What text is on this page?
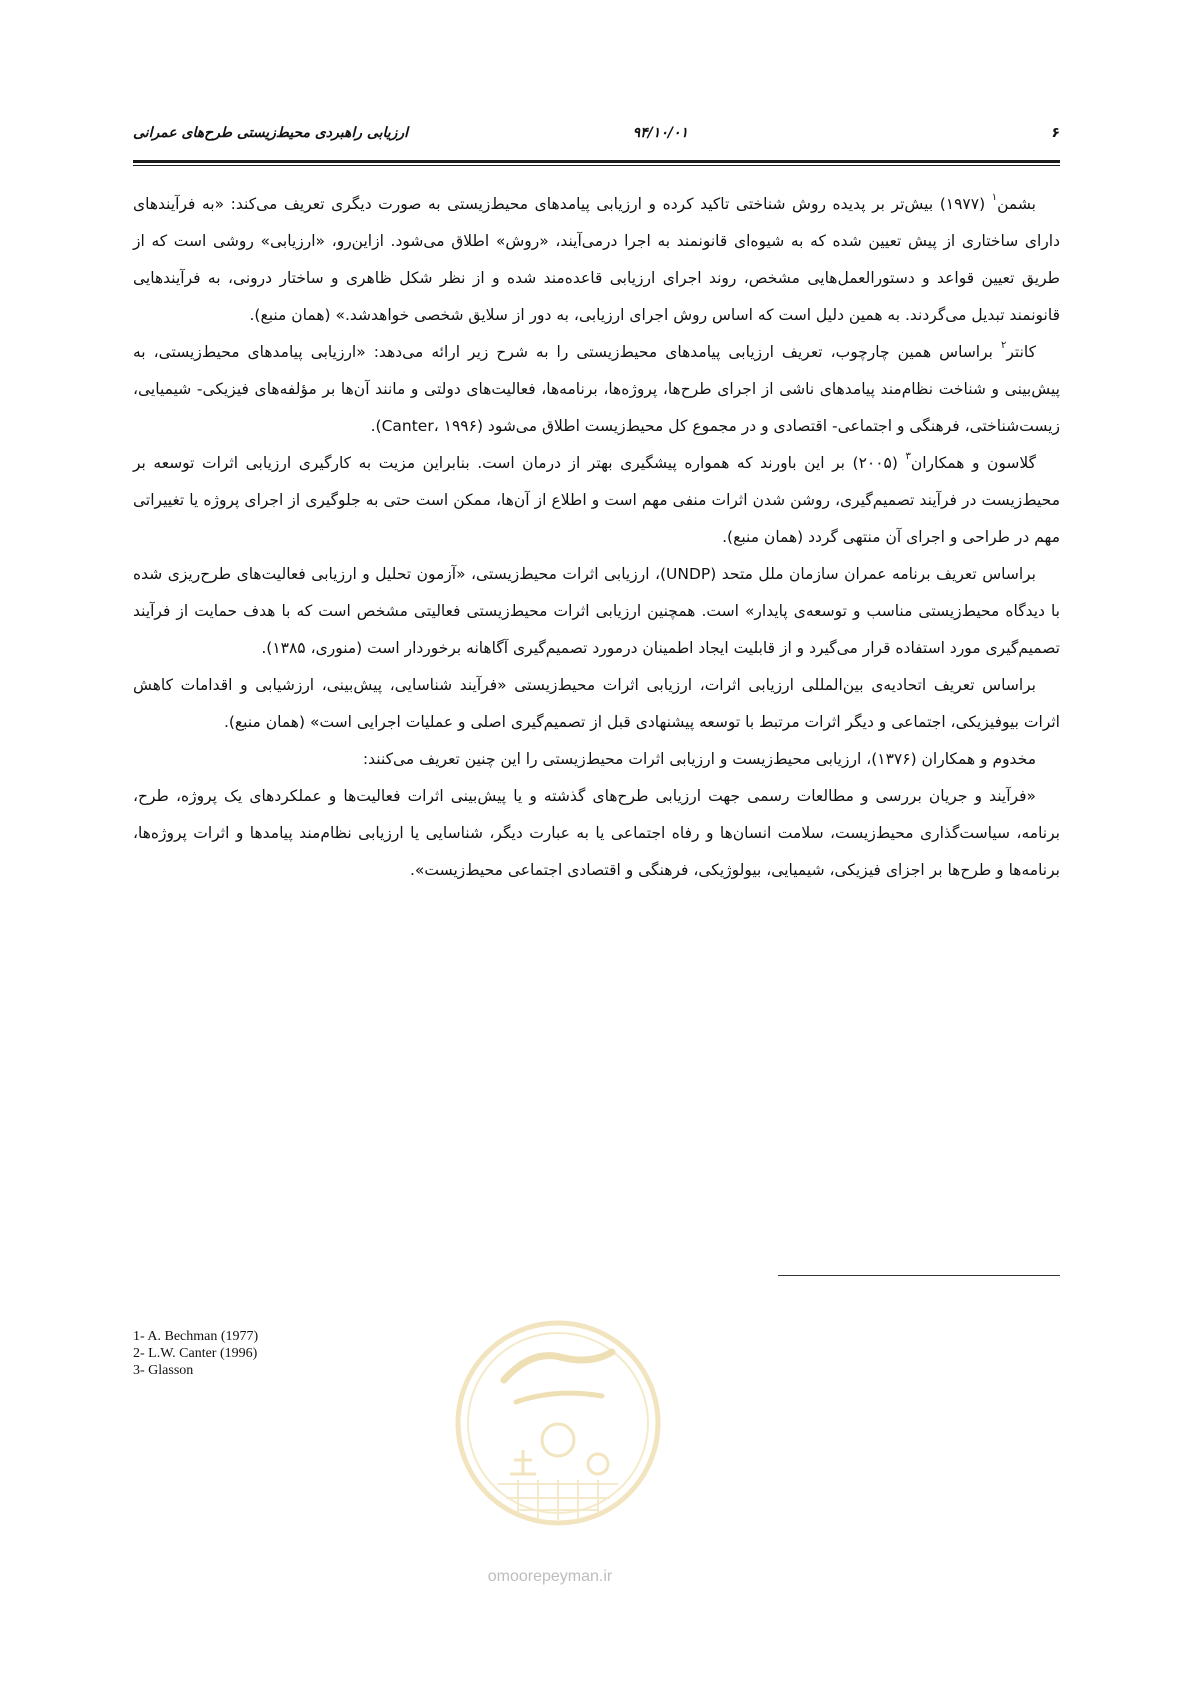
۶
۹۴/۱۰/۰۱
ارزیابی راهبردی محیط‌زیستی طرح‌های عمرانی

بشمن$^۱$ (۱۹۷۷) بیش‌تر بر پدیده روش شناختی تاکید کرده و ارزیابی پیامدهای محیط‌زیستی به صورت دیگری تعریف می‌کند: «به فرآیندهای دارای ساختاری از پیش تعیین شده که به شیوه‌ای قانونمند به اجرا درمی‌آیند، «روش» اطلاق می‌شود. ازاین‌رو، «ارزیابی» روشی است که از طریق تعیین قواعد و دستورالعمل‌هایی مشخص، روند اجرای ارزیابی قاعده‌مند شده و از نظر شکل ظاهری و ساختار درونی، به فرآیندهایی قانونمند تبدیل می‌گردند. به همین دلیل است که اساس روش اجرای ارزیابی، به دور از سلایق شخصی خواهدشد.» (همان منبع).

کانتر$^۲$ براساس همین چارچوب، تعریف ارزیابی پیامدهای محیط‌زیستی را به شرح زیر ارائه می‌دهد: «ارزیابی پیامدهای محیط‌زیستی، به پیش‌بینی و شناخت نظام‌مند پیامدهای ناشی از اجرای طرح‌ها، پروژه‌ها، برنامه‌ها، فعالیت‌های دولتی و مانند آن‌ها بر مؤلفه‌های فیزیکی- شیمیایی، زیست‌شناختی، فرهنگی و اجتماعی- اقتصادی و در مجموع کل محیط‌زیست اطلاق می‌شود (Canter، ۱۹۹۶).

گلاسون و همکاران$^۳$ (۲۰۰۵) بر این باورند که همواره پیشگیری بهتر از درمان است. بنابراین مزیت به کارگیری ارزیابی اثرات توسعه بر محیط‌زیست در فرآیند تصمیم‌گیری، روشن شدن اثرات منفی مهم است و اطلاع از آن‌ها، ممکن است حتی به جلوگیری از اجرای پروژه یا تغییراتی مهم در طراحی و اجرای آن منتهی گردد (همان منبع).

براساس تعریف برنامه عمران سازمان ملل متحد (UNDP)، ارزیابی اثرات محیط‌زیستی، «آزمون تحلیل و ارزیابی فعالیت‌های طرح‌ریزی شده با دیدگاه محیط‌زیستی مناسب و توسعه‌ی پایدار» است. همچنین ارزیابی اثرات محیط‌زیستی فعالیتی مشخص است که با هدف حمایت از فرآیند تصمیم‌گیری مورد استفاده قرار می‌گیرد و از قابلیت ایجاد اطمینان درمورد تصمیم‌گیری آگاهانه برخوردار است (منوری، ۱۳۸۵).

براساس تعریف اتحادیه‌ی بین‌المللی ارزیابی اثرات، ارزیابی اثرات محیط‌زیستی «فرآیند شناسایی، پیش‌بینی، ارزشیابی و اقدامات کاهش اثرات بیوفیزیکی، اجتماعی و دیگر اثرات مرتبط با توسعه پیشنهادی قبل از تصمیم‌گیری اصلی و عملیات اجرایی است» (همان منبع).

مخدوم و همکاران (۱۳۷۶)، ارزیابی محیط‌زیست و ارزیابی اثرات محیط‌زیستی را این چنین تعریف می‌کنند:

«فرآیند و جریان بررسی و مطالعات رسمی جهت ارزیابی طرح‌های گذشته و یا پیش‌بینی اثرات فعالیت‌ها و عملکردهای یک پروژه، طرح، برنامه، سیاست‌گذاری محیط‌زیست، سلامت انسان‌ها و رفاه اجتماعی یا به عبارت دیگر، شناسایی یا ارزیابی نظام‌مند پیامدها و اثرات پروژه‌ها، برنامه‌ها و طرح‌ها بر اجزای فیزیکی، شیمیایی، بیولوژیکی، فرهنگی و اقتصادی اجتماعی محیط‌زیست».

1- A. Bechman (1977)
2- L.W. Canter (1996)
3- Glasson
omoorepeyman.ir
